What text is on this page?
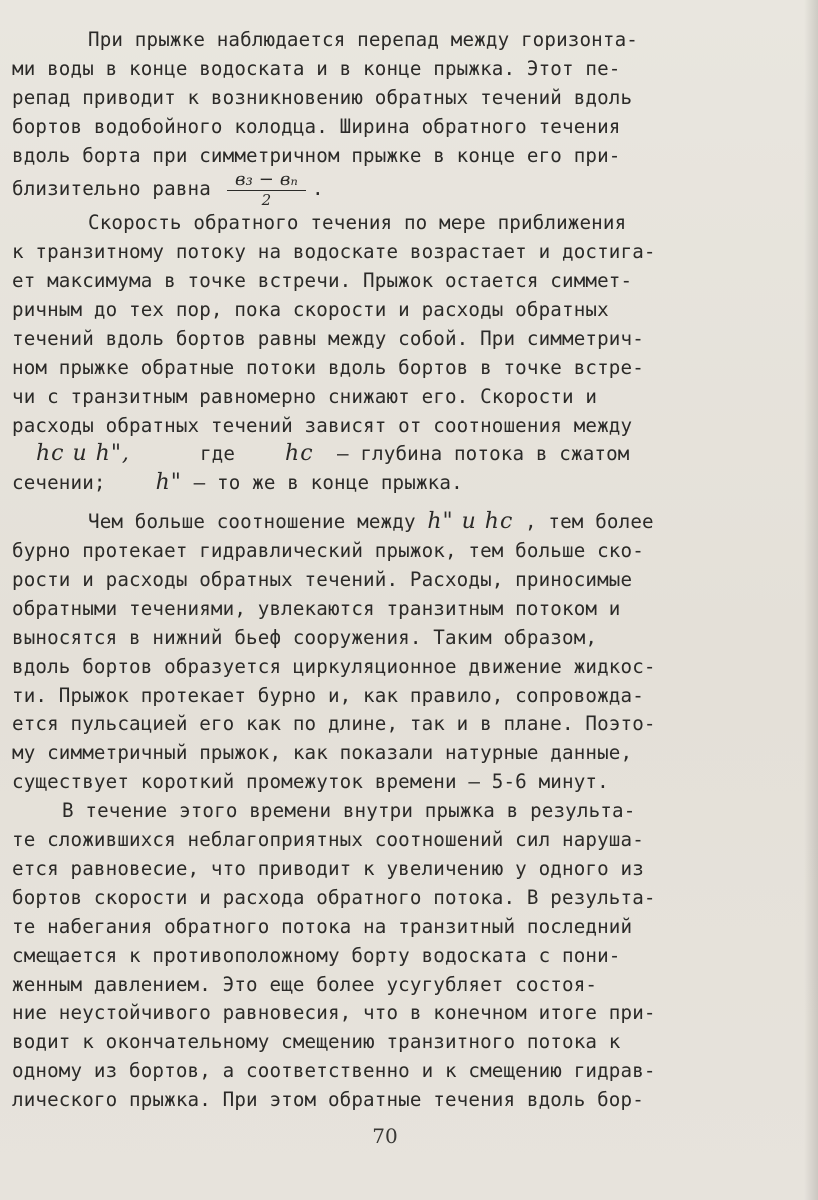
При прыжке наблюдается перепад между горизонта-
ми воды в конце водоската и в конце прыжка. Этот пе-
репад приводит к возникновению обратных течений вдоль
бортов водобойного колодца. Ширина обратного течения
вдоль борта при симметричном прыжке в конце его при-
близительно равна $\frac{\text{в₃ − вₙ}}{2}$ .
Скорость обратного течения по мере приближения
к транзитному потоку на водоскате возрастает и достига-
ет максимума в точке встречи. Прыжок остается симмет-
ричным до тех пор, пока скорости и расходы обратных
течений вдоль бортов равны между собой. При симметрич-
ном прыжке обратные потоки вдоль бортов в точке встре-
чи с транзитным равномерно снижают его. Скорости и
расходы обратных течений зависят от соотношения между
hc и h",	где hc – глубина потока в сжатом
сечении; h" – то же в конце прыжка.
Чем больше соотношение между h" и hc , тем более
бурно протекает гидравлический прыжок, тем больше ско-
рости и расходы обратных течений. Расходы, приносимые
обратными течениями, увлекаются транзитным потоком и
выносятся в нижний бьеф сооружения. Таким образом,
вдоль бортов образуется циркуляционное движение жидкос-
ти. Прыжок протекает бурно и, как правило, сопровожда-
ется пульсацией его как по длине, так и в плане. Поэто-
му симметричный прыжок, как показали натурные данные,
существует короткий промежуток времени – 5-6 минут.
В течение этого времени внутри прыжка в результа-
те сложившихся неблагоприятных соотношений сил наруша-
ется равновесие, что приводит к увеличению у одного из
бортов скорости и расхода обратного потока. В результа-
те набегания обратного потока на транзитный последний
смещается к противоположному борту водоската с пони-
женным давлением. Это еще более усугубляет состоя-
ние неустойчивого равновесия, что в конечном итоге при-
водит к окончательному смещению транзитного потока к
одному из бортов, а соответственно и к смещению гидрав-
лического прыжка. При этом обратные течения вдоль бор-
70
